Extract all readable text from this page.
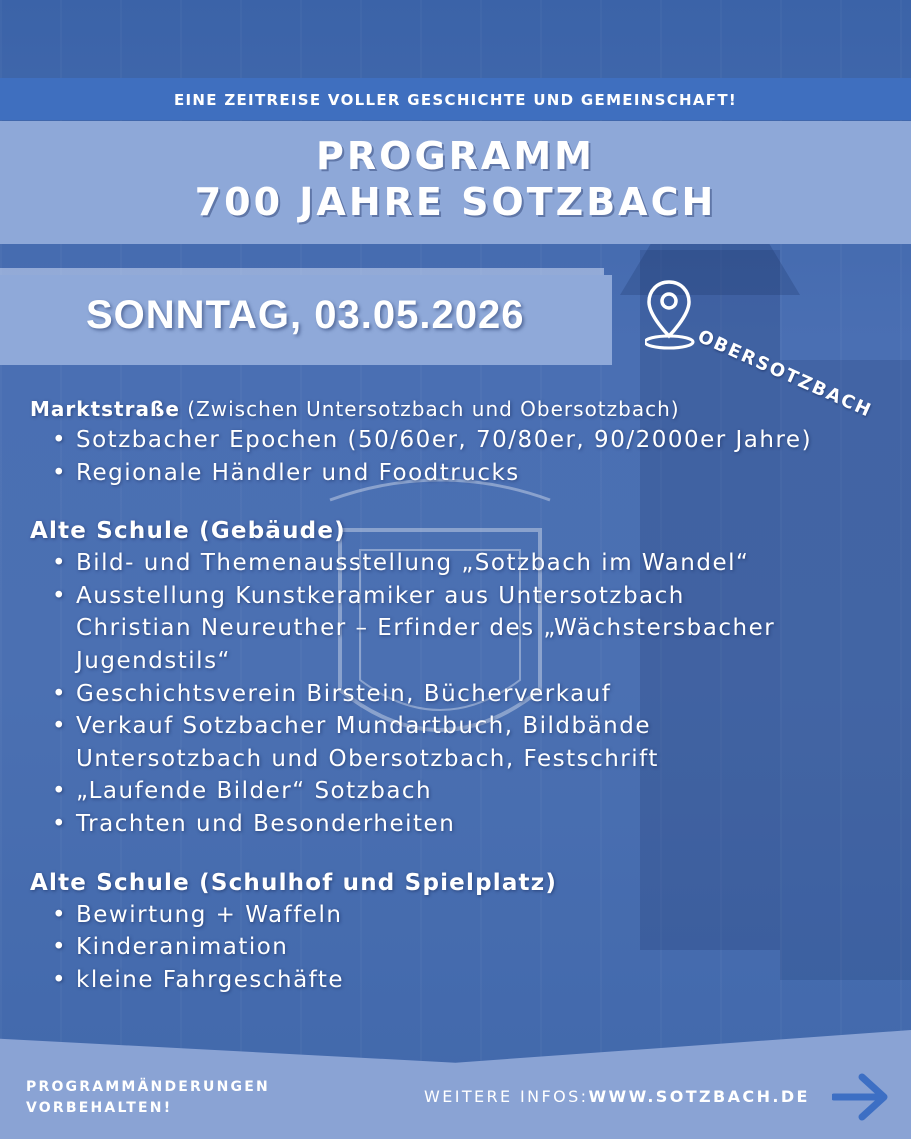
EINE ZEITREISE VOLLER GESCHICHTE UND GEMEINSCHAFT!
PROGRAMM
700 JAHRE SOTZBACH
SONNTAG, 03.05.2026
OBERSOTZBACH
Marktstraße (Zwischen Untersotzbach und Obersotzbach)
• Sotzbacher Epochen (50/60er, 70/80er, 90/2000er Jahre)
• Regionale Händler und Foodtrucks
Alte Schule (Gebäude)
• Bild- und Themenausstellung „Sotzbach im Wandel“
• Ausstellung Kunstkeramiker aus Untersotzbach
Christian Neureuther – Erfinder des „Wächstersbacher
Jugendstils“
• Geschichtsverein Birstein, Bücherverkauf
• Verkauf Sotzbacher Mundartbuch, Bildbände
Untersotzbach und Obersotzbach, Festschrift
• „Laufende Bilder“ Sotzbach
• Trachten und Besonderheiten
Alte Schule (Schulhof und Spielplatz)
• Bewirtung + Waffeln
• Kinderanimation
• kleine Fahrgeschäfte
PROGRAMMÄNDERUNGEN
VORBEHALTEN!
WEITERE INFOS:WWW.SOTZBACH.DE
